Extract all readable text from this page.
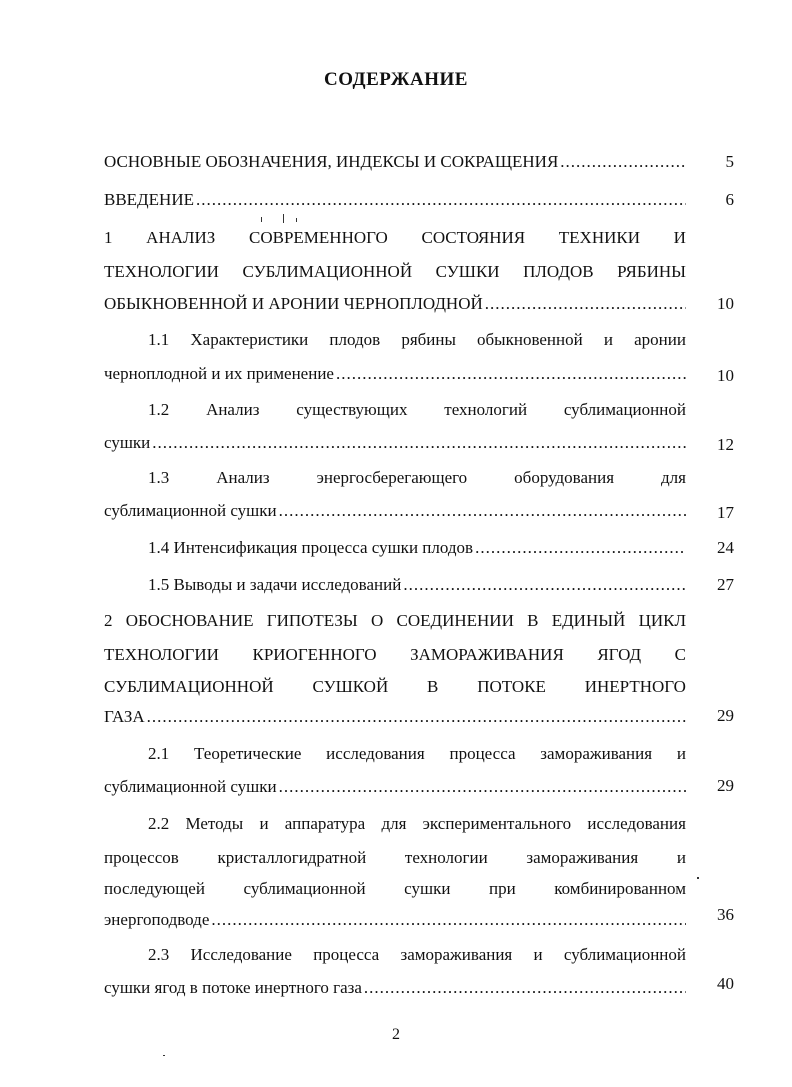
СОДЕРЖАНИЕ
ОСНОВНЫЕ ОБОЗНАЧЕНИЯ, ИНДЕКСЫ И СОКРАЩЕНИЯ .....	5
ВВЕДЕНИЕ .....	6
1 АНАЛИЗ СОВРЕМЕННОГО СОСТОЯНИЯ ТЕХНИКИ И
ТЕХНОЛОГИИ СУБЛИМАЦИОННОЙ СУШКИ ПЛОДОВ РЯБИНЫ
ОБЫКНОВЕННОЙ И АРОНИИ ЧЕРНОПЛОДНОЙ .....	10
1.1 Характеристики плодов рябины обыкновенной и аронии
черноплодной и их применение .....	10
1.2 Анализ существующих технологий сублимационной
сушки .....	12
1.3	Анализ	энергосберегающего	оборудования	для
сублимационной сушки .....	17
1.4 Интенсификация процесса сушки плодов .....	24
1.5 Выводы и задачи исследований .....	27
2 ОБОСНОВАНИЕ ГИПОТЕЗЫ О СОЕДИНЕНИИ В ЕДИНЫЙ ЦИКЛ
ТЕХНОЛОГИИ КРИОГЕННОГО ЗАМОРАЖИВАНИЯ ЯГОД С
СУБЛИМАЦИОННОЙ СУШКОЙ В ПОТОКЕ ИНЕРТНОГО
ГАЗА .....	29
2.1 Теоретические исследования процесса замораживания и
сублимационной сушки .....	29
2.2 Методы и аппаратура для экспериментального исследования
процессов кристаллогидратной технологии замораживания и
последующей сублимационной сушки при комбинированном
энергоподводе .....	36
2.3 Исследование процесса замораживания и сублимационной
сушки ягод в потоке инертного газа .....	40
2
